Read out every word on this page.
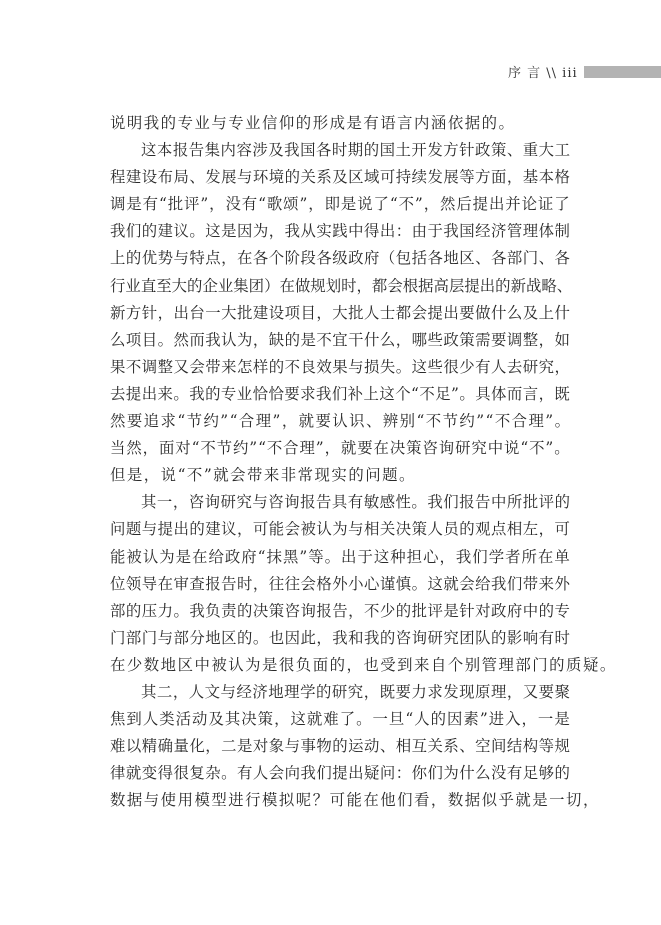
序 言 \\ iii
说明我的专业与专业信仰的形成是有语言内涵依据的。
这 本 报 告 集 内 容 涉 及 我 国 各 时 期 的 国 土 开 发 方 针 政 策 、 重 大 工
程 建 设 布 局 、 发 展 与 环 境 的 关 系 及 区 域 可 持 续 发 展 等 方 面 ， 基 本 格
调 是 有 “ 批 评 ” ， 没 有 “ 歌 颂 ” ， 即 是 说 了 “ 不 ” ， 然 后 提 出 并 论 证 了
我 们 的 建 议 。 这 是 因 为 ， 我 从 实 践 中 得 出 ： 由 于 我 国 经 济 管 理 体 制
上 的 优 势 与 特 点 ， 在 各 个 阶 段 各 级 政 府 （ 包 括 各 地 区 、 各 部 门 、 各
行 业 直 至 大 的 企 业 集 团 ） 在 做 规 划 时 ， 都 会 根 据 高 层 提 出 的 新 战 略 、
新 方 针 ， 出 台 一 大 批 建 设 项 目 ， 大 批 人 士 都 会 提 出 要 做 什 么 及 上 什
么 项 目 。 然 而 我 认 为 ， 缺 的 是 不 宜 干 什 么 ， 哪 些 政 策 需 要 调 整 ， 如
果 不 调 整 又 会 带 来 怎 样 的 不 良 效 果 与 损 失 。 这 些 很 少 有 人 去 研 究 ，
去 提 出 来 。 我 的 专 业 恰 恰 要 求 我 们 补 上 这 个 “ 不 足 ” 。 具 体 而 言 ， 既
然 要 追 求 “ 节 约 ” “ 合 理 ” ， 就 要 认 识 、 辨 别 “ 不 节 约 ” “ 不 合 理 ” 。
当 然 ， 面 对 “ 不 节 约 ” “ 不 合 理 ” ， 就 要 在 决 策 咨 询 研 究 中 说 “ 不 ” 。
但是，说“不”就会带来非常现实的问题。
其 一 ， 咨 询 研 究 与 咨 询 报 告 具 有 敏 感 性 。 我 们 报 告 中 所 批 评 的
问 题 与 提 出 的 建 议 ， 可 能 会 被 认 为 与 相 关 决 策 人 员 的 观 点 相 左 ， 可
能 被 认 为 是 在 给 政 府 “ 抹 黑 ” 等 。 出 于 这 种 担 心 ， 我 们 学 者 所 在 单
位 领 导 在 审 查 报 告 时 ， 往 往 会 格 外 小 心 谨 慎 。 这 就 会 给 我 们 带 来 外
部 的 压 力 。 我 负 责 的 决 策 咨 询 报 告 ， 不 少 的 批 评 是 针 对 政 府 中 的 专
门 部 门 与 部 分 地 区 的 。 也 因 此 ， 我 和 我 的 咨 询 研 究 团 队 的 影 响 有 时
在少数地区中被认为是很负面的，也受到来自个别管理部门的质疑。
其 二 ， 人 文 与 经 济 地 理 学 的 研 究 ， 既 要 力 求 发 现 原 理 ， 又 要 聚
焦 到 人 类 活 动 及 其 决 策 ， 这 就 难 了 。 一 旦 “ 人 的 因 素 ” 进 入 ， 一 是
难 以 精 确 量 化 ， 二 是 对 象 与 事 物 的 运 动 、 相 互 关 系 、 空 间 结 构 等 规
律 就 变 得 很 复 杂 。 有 人 会 向 我 们 提 出 疑 问 ： 你 们 为 什 么 没 有 足 够 的
数据与使用模型进行模拟呢？可能在他们看，数据似乎就是一切，
